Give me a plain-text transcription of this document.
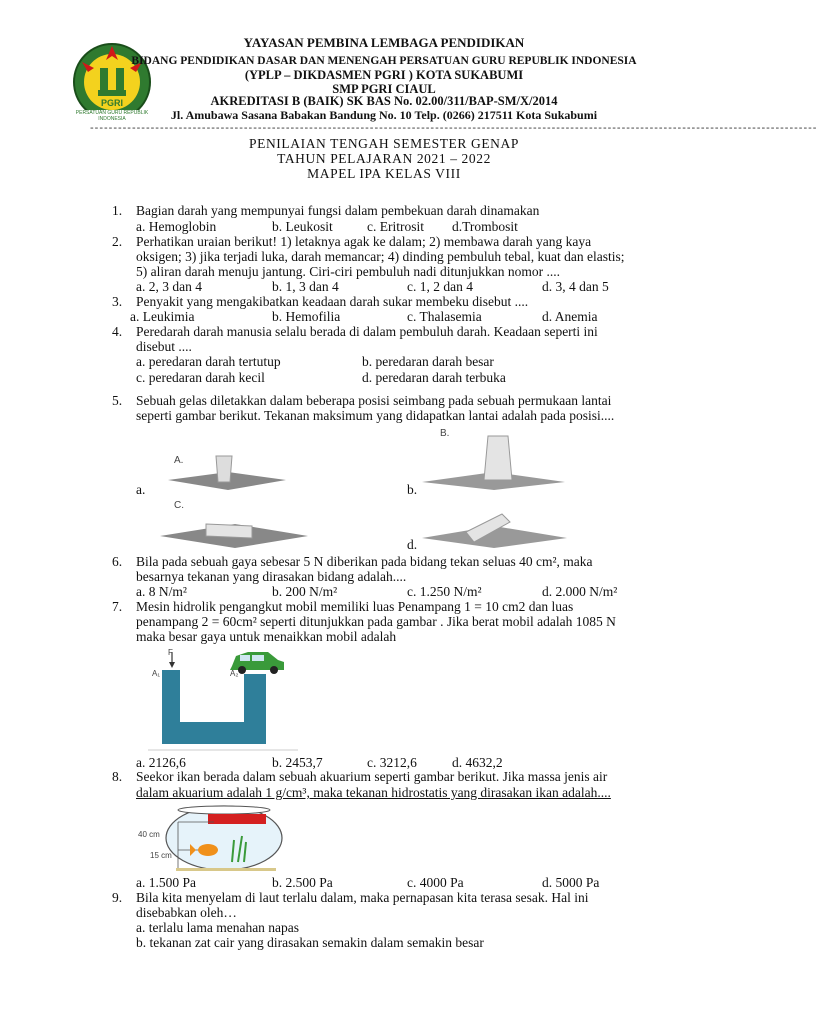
PGRI
PERSATUAN GURU REPUBLIK INDONESIA
YAYASAN PEMBINA LEMBAGA PENDIDIKAN
BIDANG PENDIDIKAN DASAR DAN MENENGAH PERSATUAN GURU REPUBLIK INDONESIA
(YPLP – DIKDASMEN PGRI ) KOTA SUKABUMI
SMP PGRI CIAUL
AKREDITASI B (BAIK) SK BAS No. 02.00/311/BAP-SM/X/2014
Jl. Amubawa Sasana Babakan Bandung No. 10 Telp. (0266) 217511 Kota Sukabumi
------------------------------------------------------------------------------------------------------------------------------------------------------------
PENILAIAN TENGAH SEMESTER GENAP
TAHUN PELAJARAN 2021 – 2022
MAPEL IPA KELAS VIII
1. Bagian darah yang mempunyai fungsi dalam pembekuan darah dinamakan
a. Hemoglobin	b. Leukosit	c. Eritrosit d.Trombosit
2. Perhatikan uraian berikut! 1) letaknya agak ke dalam; 2) membawa darah yang kaya
oksigen; 3) jika terjadi luka, darah memancar; 4) dinding pembuluh tebal, kuat dan elastis;
5) aliran darah menuju jantung. Ciri-ciri pembuluh nadi ditunjukkan nomor ....
a. 2, 3 dan 4	b. 1, 3 dan 4	c. 1, 2 dan 4	d. 3, 4 dan 5
3. Penyakit yang mengakibatkan keadaan darah sukar membeku disebut ....
a. Leukimia	b. Hemofilia	c. Thalasemia	d. Anemia
4. Peredarah darah manusia selalu berada di dalam pembuluh darah. Keadaan seperti ini
disebut ....
a. peredaran darah tertutup	b. peredaran darah besar
c. peredaran darah kecil	d. peredaran darah terbuka
5. Sebuah gelas diletakkan dalam beberapa posisi seimbang pada sebuah permukaan lantai
seperti gambar berikut. Tekanan maksimum yang didapatkan lantai adalah pada posisi....
A.
a.
B.
b.
C.
d.
6. Bila pada sebuah gaya sebesar 5 N diberikan pada bidang tekan seluas 40 cm², maka
besarnya tekanan yang dirasakan bidang adalah....
a. 8 N/m²	b. 200 N/m²	c. 1.250 N/m²	d. 2.000 N/m²
7. Mesin hidrolik pengangkut mobil memiliki luas Penampang 1 = 10 cm2 dan luas
penampang 2 = 60cm² seperti ditunjukkan pada gambar . Jika berat mobil adalah 1085 N
maka besar gaya untuk menaikkan mobil adalah
F
A₁	A₂
a. 2126,6	b. 2453,7	c. 3212,6	d. 4632,2
8. Seekor ikan berada dalam sebuah akuarium seperti gambar berikut. Jika massa jenis air
dalam akuarium adalah 1 g/cm³, maka tekanan hidrostatis yang dirasakan ikan adalah....
40 cm
15 cm
a. 1.500 Pa	b. 2.500 Pa	c. 4000 Pa	d. 5000 Pa
9. Bila kita menyelam di laut terlalu dalam, maka pernapasan kita terasa sesak. Hal ini
disebabkan oleh…
a. terlalu lama menahan napas
b. tekanan zat cair yang dirasakan semakin dalam semakin besar
